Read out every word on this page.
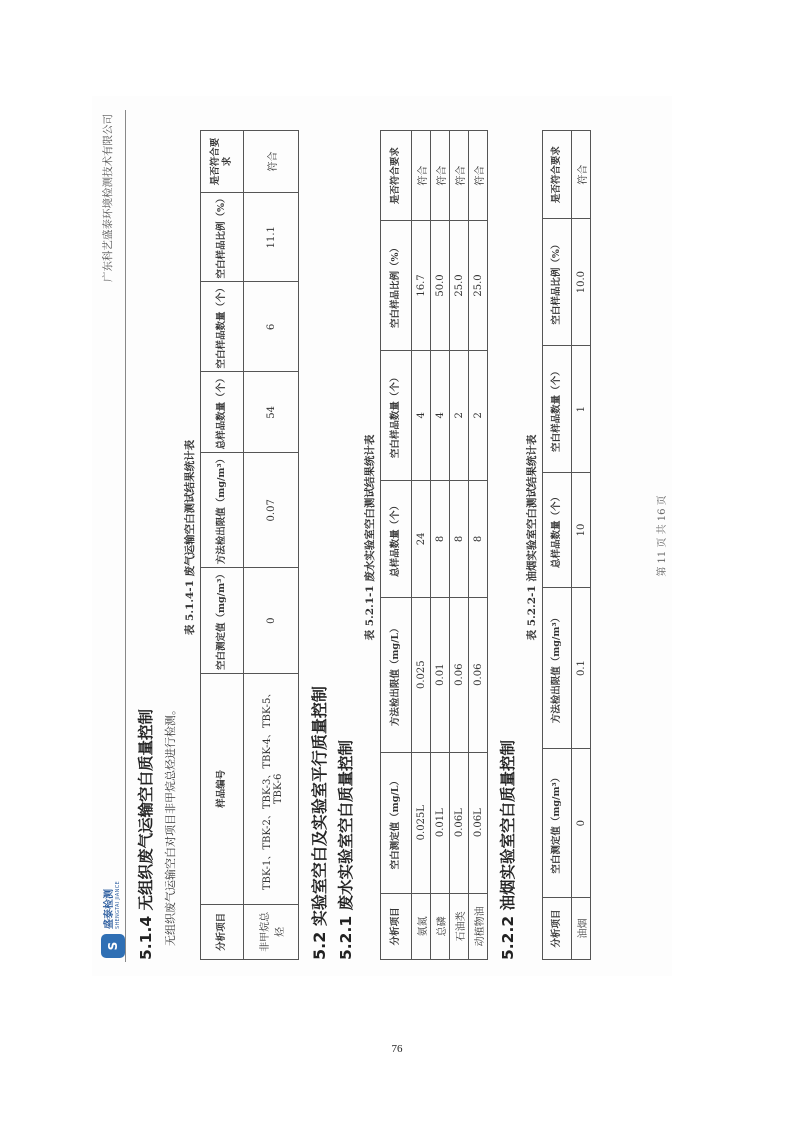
S
盛泰检测 SHENGTAI JIANCE
广东科艺盛泰环境检测技术有限公司
5.1.4 无组织废气运输空白质量控制 无组织废气运输空白对项目非甲烷总烃进行检测。
表 5.1.4-1 废气运输空白测试结果统计表
分析项目	样品编号	空白测定值（mg/m³）	方法检出限值（mg/m³）	总样品数量（个）	空白样品数量（个）	空白样品比例（%）	是否符合要求
非甲烷总烃	TBK-1、TBK-2、TBK-3、TBK-4、TBK-5、TBK-6	0	0.07	54	6	11.1	符合
5.2 实验室空白及实验室平行质量控制 5.2.1 废水实验室空白质量控制
表 5.2.1-1 废水实验室空白测试结果统计表
分析项目	空白测定值（mg/L）	方法检出限值（mg/L）	总样品数量（个）	空白样品数量（个）	空白样品比例（%）	是否符合要求
氨氮	0.025L	0.025	24	4	16.7	符合
总磷	0.01L	0.01	8	4	50.0	符合
石油类	0.06L	0.06	8	2	25.0	符合
动植物油	0.06L	0.06	8	2	25.0	符合
5.2.2 油烟实验室空白质量控制
表 5.2.2-1 油烟实验室空白测试结果统计表
分析项目	空白测定值（mg/m³）	方法检出限值（mg/m³）	总样品数量（个）	空白样品数量（个）	空白样品比例（%）	是否符合要求
油烟	0	0.1	10	1	10.0	符合
第 11 页 共 16 页
76
